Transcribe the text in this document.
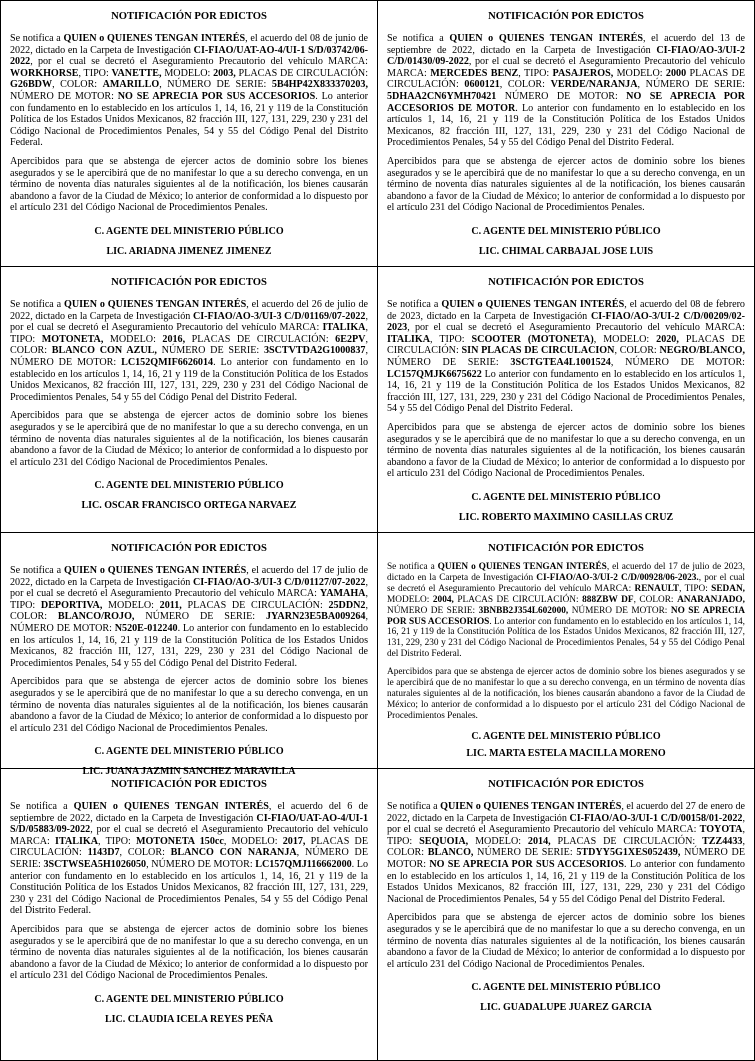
NOTIFICACIÓN POR EDICTOS

Se notifica a QUIEN o QUIENES TENGAN INTERÉS, el acuerdo del 08 de junio de 2022, dictado en la Carpeta de Investigación CI-FIAO/UAT-AO-4/UI-1 S/D/03742/06-2022, por el cual se decretó el Aseguramiento Precautorio del vehículo MARCA: WORKHORSE, TIPO: VANETTE, MODELO: 2003, PLACAS DE CIRCULACIÓN: G26BDW, COLOR: AMARILLO, NÚMERO DE SERIE: 5B4HP42X833370203, NÚMERO DE MOTOR: NO SE APRECIA POR SUS ACCESORIOS. Lo anterior con fundamento en lo establecido en los artículos 1, 14, 16, 21 y 119 de la Constitución Política de los Estados Unidos Mexicanos, 82 fracción III, 127, 131, 229, 230 y 231 del Código Nacional de Procedimientos Penales, 54 y 55 del Código Penal del Distrito Federal.

Apercibidos para que se abstenga de ejercer actos de dominio sobre los bienes asegurados y se le apercibirá que de no manifestar lo que a su derecho convenga, en un término de noventa días naturales siguientes al de la notificación, los bienes causarán abandono a favor de la Ciudad de México; lo anterior de conformidad a lo dispuesto por el artículo 231 del Código Nacional de Procedimientos Penales.

C. AGENTE DEL MINISTERIO PÚBLICO

LIC. ARIADNA JIMENEZ JIMENEZ

NOTIFICACIÓN POR EDICTOS

Se notifica a QUIEN o QUIENES TENGAN INTERÉS, el acuerdo del 13 de septiembre de 2022, dictado en la Carpeta de Investigación CI-FIAO/AO-3/UI-2 C/D/01430/09-2022, por el cual se decretó el Aseguramiento Precautorio del vehículo MARCA: MERCEDES BENZ, TIPO: PASAJEROS, MODELO: 2000 PLACAS DE CIRCULACIÓN: 0600121, COLOR: VERDE/NARANJA, NÚMERO DE SERIE: 5DHAA2CN6YMH70421 NÚMERO DE MOTOR: NO SE APRECIA POR ACCESORIOS DE MOTOR. Lo anterior con fundamento en lo establecido en los artículos 1, 14, 16, 21 y 119 de la Constitución Política de los Estados Unidos Mexicanos, 82 fracción III, 127, 131, 229, 230 y 231 del Código Nacional de Procedimientos Penales, 54 y 55 del Código Penal del Distrito Federal.

Apercibidos para que se abstenga de ejercer actos de dominio sobre los bienes asegurados y se le apercibirá que de no manifestar lo que a su derecho convenga, en un término de noventa días naturales siguientes al de la notificación, los bienes causarán abandono a favor de la Ciudad de México; lo anterior de conformidad a lo dispuesto por el artículo 231 del Código Nacional de Procedimientos Penales.

C. AGENTE DEL MINISTERIO PÚBLICO

LIC. CHIMAL CARBAJAL JOSE LUIS

NOTIFICACIÓN POR EDICTOS

Se notifica a QUIEN o QUIENES TENGAN INTERÉS, el acuerdo del 26 de julio de 2022, dictado en la Carpeta de Investigación CI-FIAO/AO-3/UI-3 C/D/01169/07-2022, por el cual se decretó el Aseguramiento Precautorio del vehículo MARCA: ITALIKA, TIPO: MOTONETA, MODELO: 2016, PLACAS DE CIRCULACIÓN: 6E2PV, COLOR: BLANCO CON AZUL, NÚMERO DE SERIE: 3SCTVTDA2G1000837, NÚMERO DE MOTOR: LC152QMIF6626014. Lo anterior con fundamento en lo establecido en los artículos 1, 14, 16, 21 y 119 de la Constitución Política de los Estados Unidos Mexicanos, 82 fracción III, 127, 131, 229, 230 y 231 del Código Nacional de Procedimientos Penales, 54 y 55 del Código Penal del Distrito Federal.

Apercibidos para que se abstenga de ejercer actos de dominio sobre los bienes asegurados y se le apercibirá que de no manifestar lo que a su derecho convenga, en un término de noventa días naturales siguientes al de la notificación, los bienes causarán abandono a favor de la Ciudad de México; lo anterior de conformidad a lo dispuesto por el artículo 231 del Código Nacional de Procedimientos Penales.

C. AGENTE DEL MINISTERIO PÚBLICO

LIC. OSCAR FRANCISCO ORTEGA NARVAEZ

NOTIFICACIÓN POR EDICTOS

Se notifica a QUIEN o QUIENES TENGAN INTERÉS, el acuerdo del 08 de febrero de 2023, dictado en la Carpeta de Investigación CI-FIAO/AO-3/UI-2 C/D/00209/02-2023, por el cual se decretó el Aseguramiento Precautorio del vehículo MARCA: ITALIKA, TIPO: SCOOTER (MOTONETA), MODELO: 2020, PLACAS DE CIRCULACIÓN: SIN PLACAS DE CIRCULACION, COLOR: NEGRO/BLANCO, NÚMERO DE SERIE: 3SCTGTEA4L1001524, NÚMERO DE MOTOR: LC157QMJK6675622 Lo anterior con fundamento en lo establecido en los artículos 1, 14, 16, 21 y 119 de la Constitución Política de los Estados Unidos Mexicanos, 82 fracción III, 127, 131, 229, 230 y 231 del Código Nacional de Procedimientos Penales, 54 y 55 del Código Penal del Distrito Federal.

Apercibidos para que se abstenga de ejercer actos de dominio sobre los bienes asegurados y se le apercibirá que de no manifestar lo que a su derecho convenga, en un término de noventa días naturales siguientes al de la notificación, los bienes causarán abandono a favor de la Ciudad de México; lo anterior de conformidad a lo dispuesto por el artículo 231 del Código Nacional de Procedimientos Penales.

C. AGENTE DEL MINISTERIO PÚBLICO

LIC. ROBERTO MAXIMINO CASILLAS CRUZ

NOTIFICACIÓN POR EDICTOS

Se notifica a QUIEN o QUIENES TENGAN INTERÉS, el acuerdo del 17 de julio de 2022, dictado en la Carpeta de Investigación CI-FIAO/AO-3/UI-3 C/D/01127/07-2022, por el cual se decretó el Aseguramiento Precautorio del vehículo MARCA: YAMAHA, TIPO: DEPORTIVA, MODELO: 2011, PLACAS DE CIRCULACIÓN: 25DDN2, COLOR: BLANCO/ROJO, NÚMERO DE SERIE: JYARN23E5BA009264, NÚMERO DE MOTOR: N520E-012240. Lo anterior con fundamento en lo establecido en los artículos 1, 14, 16, 21 y 119 de la Constitución Política de los Estados Unidos Mexicanos, 82 fracción III, 127, 131, 229, 230 y 231 del Código Nacional de Procedimientos Penales, 54 y 55 del Código Penal del Distrito Federal.

Apercibidos para que se abstenga de ejercer actos de dominio sobre los bienes asegurados y se le apercibirá que de no manifestar lo que a su derecho convenga, en un término de noventa días naturales siguientes al de la notificación, los bienes causarán abandono a favor de la Ciudad de México; lo anterior de conformidad a lo dispuesto por el artículo 231 del Código Nacional de Procedimientos Penales.

C. AGENTE DEL MINISTERIO PÚBLICO

LIC. JUANA JAZMIN SANCHEZ MARAVILLA

NOTIFICACIÓN POR EDICTOS

Se notifica a QUIEN o QUIENES TENGAN INTERÉS, el acuerdo del 17 de julio de 2023, dictado en la Carpeta de Investigación CI-FIAO/AO-3/UI-2 C/D/00928/06-2023., por el cual se decretó el Aseguramiento Precautorio del vehículo MARCA: RENAULT, TIPO: SEDAN, MODELO: 2004, PLACAS DE CIRCULACIÓN: 888ZBW DF, COLOR: ANARANJADO, NÚMERO DE SERIE: 3BNBB2J354L602000, NÚMERO DE MOTOR: NO SE APRECIA POR SUS ACCESORIOS. Lo anterior con fundamento en lo establecido en los artículos 1, 14, 16, 21 y 119 de la Constitución Política de los Estados Unidos Mexicanos, 82 fracción III, 127, 131, 229, 230 y 231 del Código Nacional de Procedimientos Penales, 54 y 55 del Código Penal del Distrito Federal.

Apercibidos para que se abstenga de ejercer actos de dominio sobre los bienes asegurados y se le apercibirá que de no manifestar lo que a su derecho convenga, en un término de noventa días naturales siguientes al de la notificación, los bienes causarán abandono a favor de la Ciudad de México; lo anterior de conformidad a lo dispuesto por el artículo 231 del Código Nacional de Procedimientos Penales.

C. AGENTE DEL MINISTERIO PÚBLICO

LIC. MARTA ESTELA MACILLA MORENO

NOTIFICACIÓN POR EDICTOS

Se notifica a QUIEN o QUIENES TENGAN INTERÉS, el acuerdo del 6 de septiembre de 2022, dictado en la Carpeta de Investigación CI-FIAO/UAT-AO-4/UI-1 S/D/05883/09-2022, por el cual se decretó el Aseguramiento Precautorio del vehículo MARCA: ITALIKA, TIPO: MOTONETA 150cc, MODELO: 2017, PLACAS DE CIRCULACIÓN: 1143D7, COLOR: BLANCO CON NARANJA, NÚMERO DE SERIE: 3SCTWSEA5H1026050, NÚMERO DE MOTOR: LC157QMJ116662000. Lo anterior con fundamento en lo establecido en los artículos 1, 14, 16, 21 y 119 de la Constitución Política de los Estados Unidos Mexicanos, 82 fracción III, 127, 131, 229, 230 y 231 del Código Nacional de Procedimientos Penales, 54 y 55 del Código Penal del Distrito Federal.

Apercibidos para que se abstenga de ejercer actos de dominio sobre los bienes asegurados y se le apercibirá que de no manifestar lo que a su derecho convenga, en un término de noventa días naturales siguientes al de la notificación, los bienes causarán abandono a favor de la Ciudad de México; lo anterior de conformidad a lo dispuesto por el artículo 231 del Código Nacional de Procedimientos Penales.

C. AGENTE DEL MINISTERIO PÚBLICO

LIC. CLAUDIA ICELA REYES PEÑA

NOTIFICACIÓN POR EDICTOS

Se notifica a QUIEN o QUIENES TENGAN INTERÉS, el acuerdo del 27 de enero de 2022, dictado en la Carpeta de Investigación CI-FIAO/AO-3/UI-1 C/D/00158/01-2022, por el cual se decretó el Aseguramiento Precautorio del vehículo MARCA: TOYOTA, TIPO: SEQUOIA, MODELO: 2014, PLACAS DE CIRCULACIÓN: TZZ4433, COLOR: BLANCO, NÚMERO DE SERIE: 5TDYY5G1XES052439, NÚMERO DE MOTOR: NO SE APRECIA POR SUS ACCESORIOS. Lo anterior con fundamento en lo establecido en los artículos 1, 14, 16, 21 y 119 de la Constitución Política de los Estados Unidos Mexicanos, 82 fracción III, 127, 131, 229, 230 y 231 del Código Nacional de Procedimientos Penales, 54 y 55 del Código Penal del Distrito Federal.

Apercibidos para que se abstenga de ejercer actos de dominio sobre los bienes asegurados y se le apercibirá que de no manifestar lo que a su derecho convenga, en un término de noventa días naturales siguientes al de la notificación, los bienes causarán abandono a favor de la Ciudad de México; lo anterior de conformidad a lo dispuesto por el artículo 231 del Código Nacional de Procedimientos Penales.

C. AGENTE DEL MINISTERIO PÚBLICO

LIC. GUADALUPE JUAREZ GARCIA
